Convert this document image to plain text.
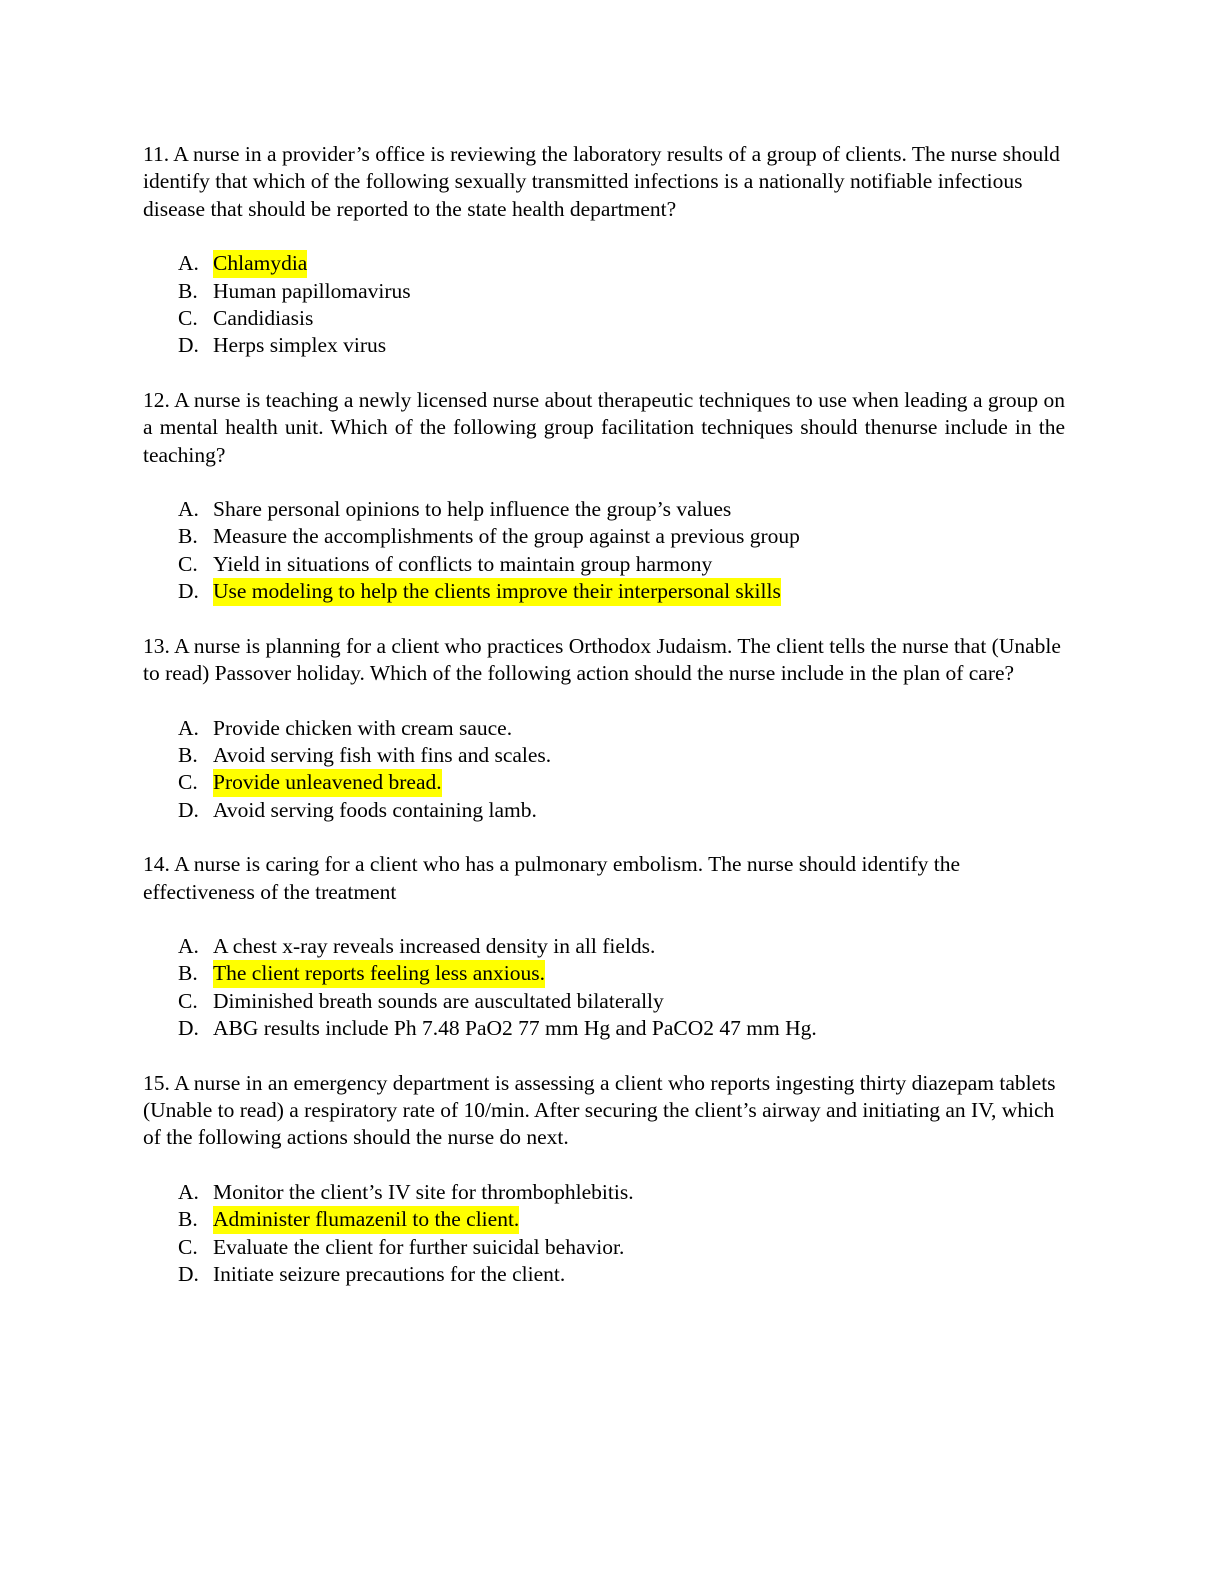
11. A nurse in a provider’s office is reviewing the laboratory results of a group of clients. The nurse should identify that which of the following sexually transmitted infections is a nationally notifiable infectious disease that should be reported to the state health department?

A. Chlamydia
B. Human papillomavirus
C. Candidiasis
D. Herps simplex virus

12. A nurse is teaching a newly licensed nurse about therapeutic techniques to use when leading a group on a mental health unit. Which of the following group facilitation techniques should thenurse include in the teaching?

A. Share personal opinions to help influence the group’s values
B. Measure the accomplishments of the group against a previous group
C. Yield in situations of conflicts to maintain group harmony
D. Use modeling to help the clients improve their interpersonal skills

13. A nurse is planning for a client who practices Orthodox Judaism. The client tells the nurse that (Unable to read) Passover holiday. Which of the following action should the nurse include in the plan of care?

A. Provide chicken with cream sauce.
B. Avoid serving fish with fins and scales.
C. Provide unleavened bread.
D. Avoid serving foods containing lamb.

14. A nurse is caring for a client who has a pulmonary embolism. The nurse should identify the effectiveness of the treatment

A. A chest x-ray reveals increased density in all fields.
B. The client reports feeling less anxious.
C. Diminished breath sounds are auscultated bilaterally
D. ABG results include Ph 7.48 PaO2 77 mm Hg and PaCO2 47 mm Hg.

15. A nurse in an emergency department is assessing a client who reports ingesting thirty diazepam tablets (Unable to read) a respiratory rate of 10/min. After securing the client’s airway and initiating an IV, which of the following actions should the nurse do next.

A. Monitor the client’s IV site for thrombophlebitis.
B. Administer flumazenil to the client.
C. Evaluate the client for further suicidal behavior.
D. Initiate seizure precautions for the client.
